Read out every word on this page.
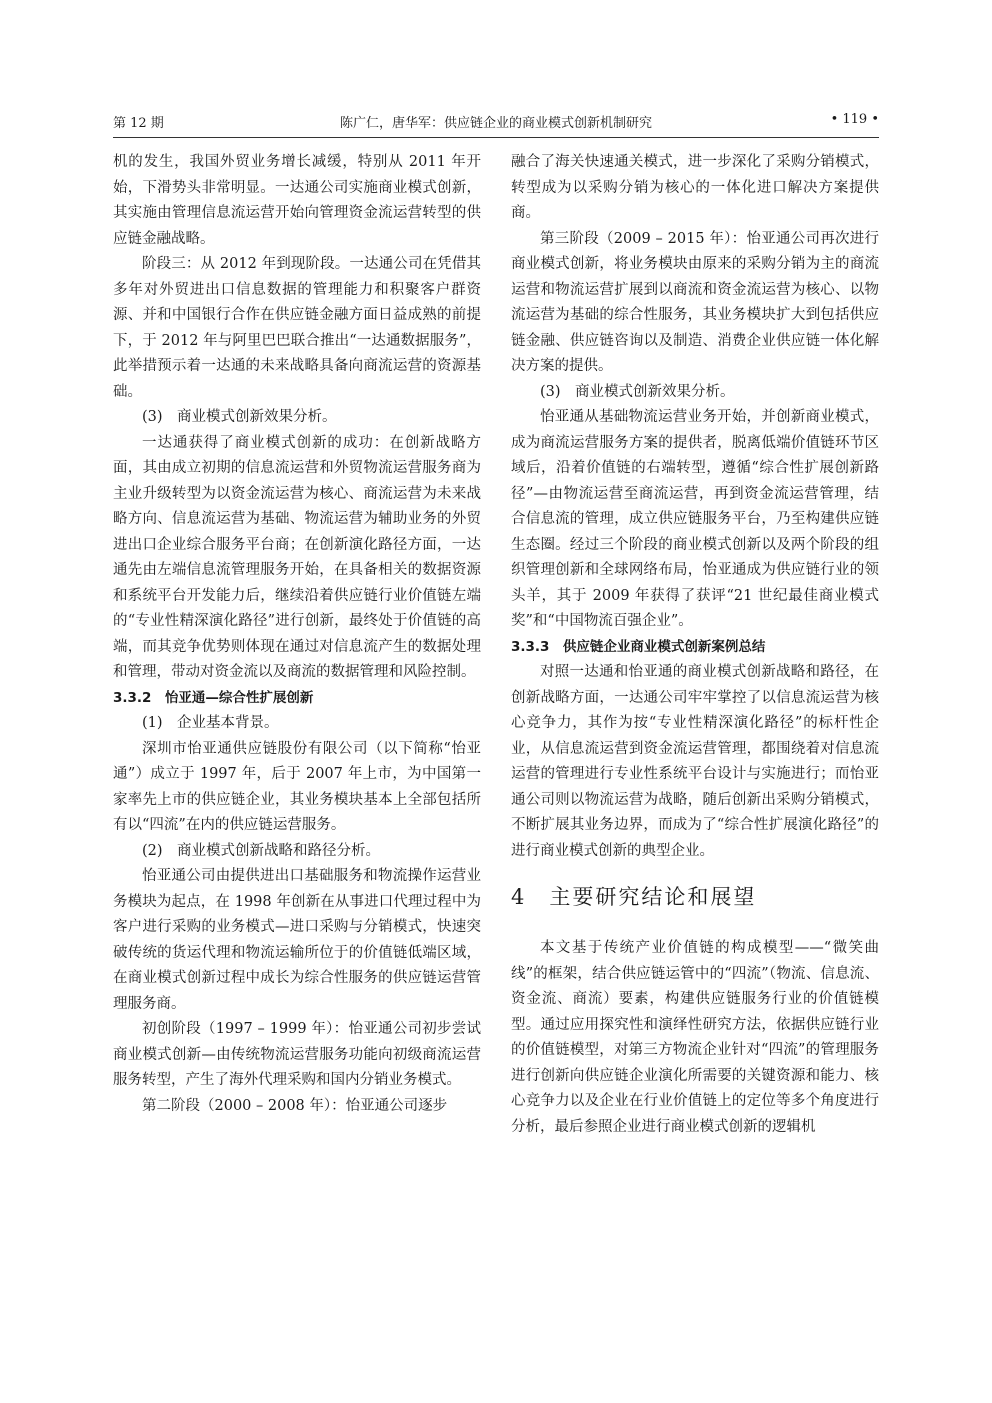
第 12 期	陈广仁，唐华军：供应链企业的商业模式创新机制研究	• 119 •

机的发生，我国外贸业务增长减缓，特别从 2011 年开始，下滑势头非常明显。一达通公司实施商业模式创新，其实施由管理信息流运营开始向管理资金流运营转型的供应链金融战略。

阶段三：从 2012 年到现阶段。一达通公司在凭借其多年对外贸进出口信息数据的管理能力和积聚客户群资源、并和中国银行合作在供应链金融方面日益成熟的前提下，于 2012 年与阿里巴巴联合推出“一达通数据服务”，此举措预示着一达通的未来战略具备向商流运营的资源基础。

(3)　商业模式创新效果分析。

一达通获得了商业模式创新的成功：在创新战略方面，其由成立初期的信息流运营和外贸物流运营服务商为主业升级转型为以资金流运营为核心、商流运营为未来战略方向、信息流运营为基础、物流运营为辅助业务的外贸进出口企业综合服务平台商；在创新演化路径方面，一达通先由左端信息流管理服务开始，在具备相关的数据资源和系统平台开发能力后，继续沿着供应链行业价值链左端的“专业性精深演化路径”进行创新，最终处于价值链的高端，而其竞争优势则体现在通过对信息流产生的数据处理和管理，带动对资金流以及商流的数据管理和风险控制。

3.3.2　怡亚通—综合性扩展创新

(1)　企业基本背景。

深圳市怡亚通供应链股份有限公司（以下简称“怡亚通”）成立于 1997 年，后于 2007 年上市，为中国第一家率先上市的供应链企业，其业务模块基本上全部包括所有以“四流”在内的供应链运营服务。

(2)　商业模式创新战略和路径分析。

怡亚通公司由提供进出口基础服务和物流操作运营业务模块为起点，在 1998 年创新在从事进口代理过程中为客户进行采购的业务模式—进口采购与分销模式，快速突破传统的货运代理和物流运输所位于的价值链低端区域，在商业模式创新过程中成长为综合性服务的供应链运营管理服务商。

初创阶段（1997 – 1999 年）：怡亚通公司初步尝试商业模式创新—由传统物流运营服务功能向初级商流运营服务转型，产生了海外代理采购和国内分销业务模式。

第二阶段（2000 – 2008 年）：怡亚通公司逐步

融合了海关快速通关模式，进一步深化了采购分销模式，转型成为以采购分销为核心的一体化进口解决方案提供商。

第三阶段（2009 – 2015 年）：怡亚通公司再次进行商业模式创新，将业务模块由原来的采购分销为主的商流运营和物流运营扩展到以商流和资金流运营为核心、以物流运营为基础的综合性服务，其业务模块扩大到包括供应链金融、供应链咨询以及制造、消费企业供应链一体化解决方案的提供。

(3)　商业模式创新效果分析。

怡亚通从基础物流运营业务开始，并创新商业模式，成为商流运营服务方案的提供者，脱离低端价值链环节区域后，沿着价值链的右端转型，遵循“综合性扩展创新路径”—由物流运营至商流运营，再到资金流运营管理，结合信息流的管理，成立供应链服务平台，乃至构建供应链生态圈。经过三个阶段的商业模式创新以及两个阶段的组织管理创新和全球网络布局，怡亚通成为供应链行业的领头羊，其于 2009 年获得了获评“21 世纪最佳商业模式奖”和“中国物流百强企业”。

3.3.3　供应链企业商业模式创新案例总结

对照一达通和怡亚通的商业模式创新战略和路径，在创新战略方面，一达通公司牢牢掌控了以信息流运营为核心竞争力，其作为按“专业性精深演化路径”的标杆性企业，从信息流运营到资金流运营管理，都围绕着对信息流运营的管理进行专业性系统平台设计与实施进行；而怡亚通公司则以物流运营为战略，随后创新出采购分销模式，不断扩展其业务边界，而成为了“综合性扩展演化路径”的进行商业模式创新的典型企业。

4　主要研究结论和展望

本文基于传统产业价值链的构成模型——“微笑曲线”的框架，结合供应链运管中的“四流”（物流、信息流、资金流、商流）要素，构建供应链服务行业的价值链模型。通过应用探究性和演绎性研究方法，依据供应链行业的价值链模型，对第三方物流企业针对“四流”的管理服务进行创新向供应链企业演化所需要的关键资源和能力、核心竞争力以及企业在行业价值链上的定位等多个角度进行分析，最后参照企业进行商业模式创新的逻辑机
